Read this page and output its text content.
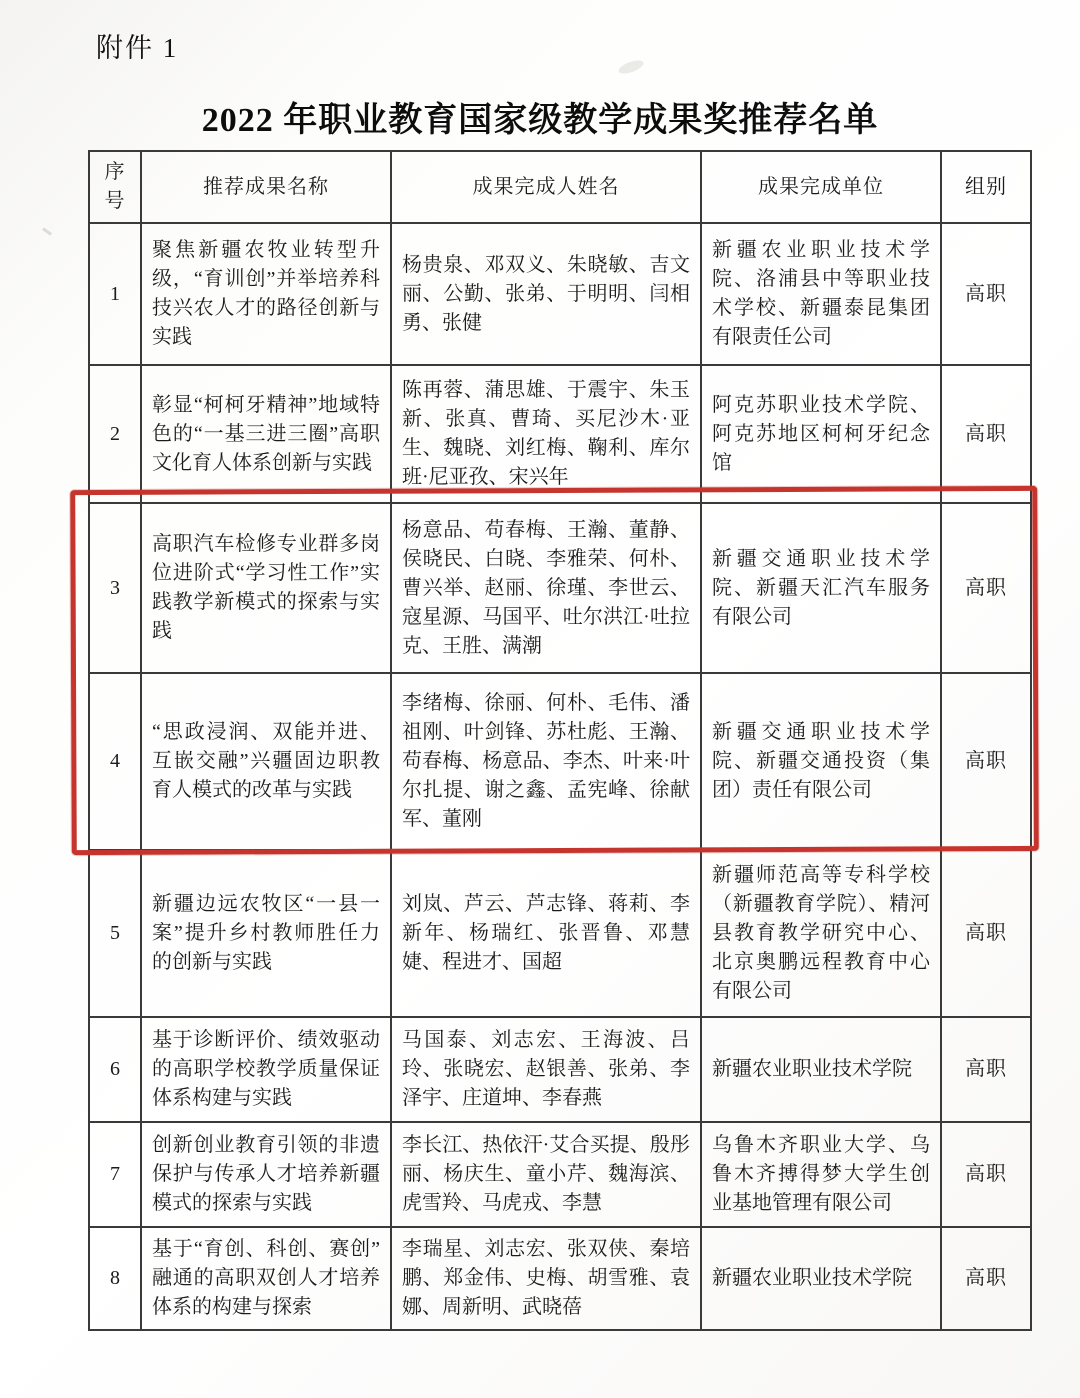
附件 1
2022 年职业教育国家级教学成果奖推荐名单
序号	推荐成果名称	成果完成人姓名	成果完成单位	组别
1	聚焦新疆农牧业转型升级，“育训创”并举培养科技兴农人才的路径创新与实践	杨贵泉、邓双义、朱晓敏、吉文丽、公勤、张弟、于明明、闫相勇、张健	新疆农业职业技术学院、洛浦县中等职业技术学校、新疆泰昆集团有限责任公司	高职
2	彰显“柯柯牙精神”地域特色的“一基三进三圈”高职文化育人体系创新与实践	陈再蓉、蒲思雄、于震宇、朱玉新、张真、曹琦、买尼沙木·亚生、魏晓、刘红梅、鞠利、库尔班·尼亚孜、宋兴年	阿克苏职业技术学院、阿克苏地区柯柯牙纪念馆	高职
3	高职汽车检修专业群多岗位进阶式“学习性工作”实践教学新模式的探索与实践	杨意品、苟春梅、王瀚、董静、侯晓民、白晓、李雅荣、何朴、曹兴举、赵丽、徐瑾、李世云、寇星源、马国平、吐尔洪江·吐拉克、王胜、满潮	新疆交通职业技术学院、新疆天汇汽车服务有限公司	高职
4	“思政浸润、双能并进、互嵌交融”兴疆固边职教育人模式的改革与实践	李绪梅、徐丽、何朴、毛伟、潘祖刚、叶剑锋、苏杜彪、王瀚、苟春梅、杨意品、李杰、叶来·叶尔扎提、谢之鑫、孟宪峰、徐献军、董刚	新疆交通职业技术学院、新疆交通投资（集团）责任有限公司	高职
5	新疆边远农牧区“一县一案”提升乡村教师胜任力的创新与实践	刘岚、芦云、芦志锋、蒋莉、李新年、杨瑞红、张晋鲁、邓慧婕、程进才、国超	新疆师范高等专科学校（新疆教育学院）、精河县教育教学研究中心、北京奥鹏远程教育中心有限公司	高职
6	基于诊断评价、绩效驱动的高职学校教学质量保证体系构建与实践	马国泰、刘志宏、王海波、吕玲、张晓宏、赵银善、张弟、李泽宇、庄道坤、李春燕	新疆农业职业技术学院	高职
7	创新创业教育引领的非遗保护与传承人才培养新疆模式的探索与实践	李长江、热依汗·艾合买提、殷彤丽、杨庆生、童小芹、魏海滨、虎雪羚、马虎戎、李慧	乌鲁木齐职业大学、乌鲁木齐搏得梦大学生创业基地管理有限公司	高职
8	基于“育创、科创、赛创”融通的高职双创人才培养体系的构建与探索	李瑞星、刘志宏、张双侠、秦培鹏、郑金伟、史梅、胡雪雅、袁娜、周新明、武晓蓓	新疆农业职业技术学院	高职
